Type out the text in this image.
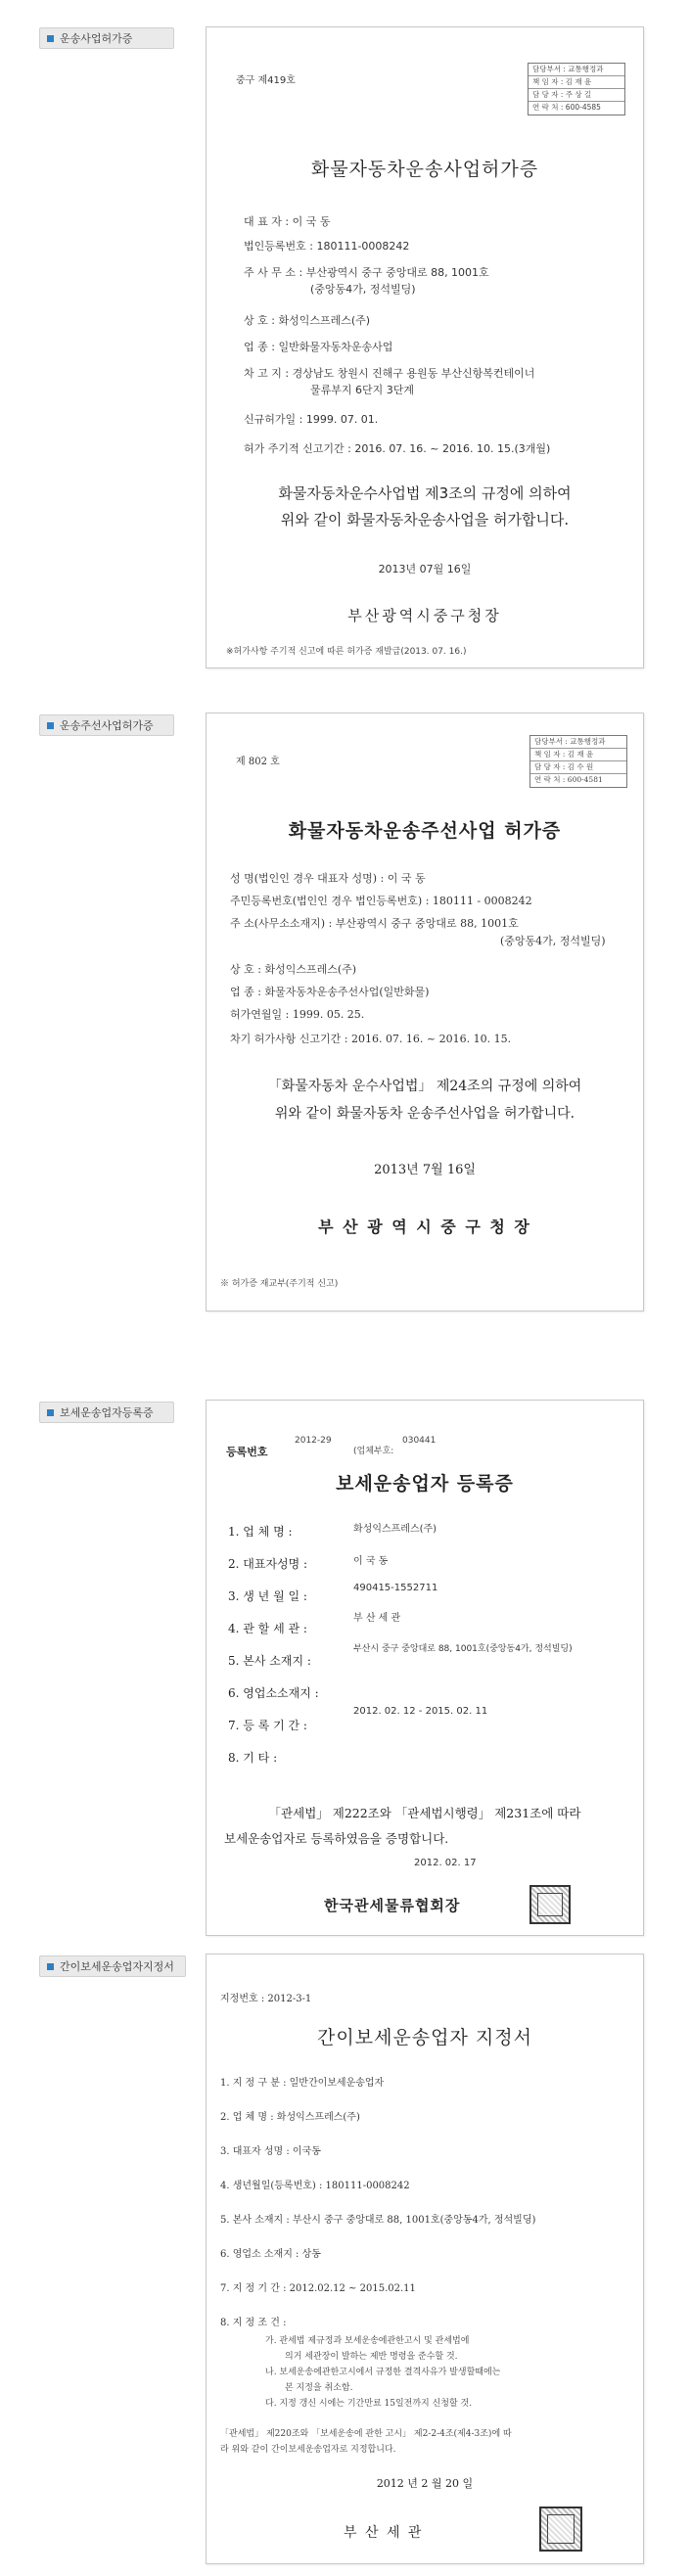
운송사업허가증
중구 제419호
담당부서 : 교통행정과
책 임 자 : 김 재 윤
담 당 자 : 주 상 길
연 락 처 : 600-4585
화물자동차운송사업허가증
대 표 자 : 이 국 동
법인등록번호 : 180111-0008242
주 사 무 소 : 부산광역시 중구 중앙대로 88, 1001호
(중앙동4가, 정석빌딩)
상 호 : 화성익스프레스(주)
업 종 : 일반화물자동차운송사업
차 고 지 : 경상남도 창원시 진해구 용원동 부산신항복컨테이너
물류부지 6단지 3단계
신규허가일 : 1999. 07. 01.
허가 주기적 신고기간 : 2016. 07. 16. ~ 2016. 10. 15.(3개월)
화물자동차운수사업법 제3조의 규정에 의하여
위와 같이 화물자동차운송사업을 허가합니다.
2013년 07월 16일
부산광역시중구청장
※허가사항 주기적 신고에 따른 허가증 재발급(2013. 07. 16.)
운송주선사업허가증
제 802 호
담당부서 : 교통행정과
책 임 자 : 김 재 윤
담 당 자 : 김 수 원
연 락 처 : 600-4581
화물자동차운송주선사업 허가증
성 명(법인인 경우 대표자 성명) : 이 국 동
주민등록번호(법인인 경우 법인등록번호) : 180111 - 0008242
주 소(사무소소재지) : 부산광역시 중구 중앙대로 88, 1001호
(중앙동4가, 정석빌딩)
상 호 : 화성익스프레스(주)
업 종 : 화물자동차운송주선사업(일반화물)
허가연월일 : 1999. 05. 25.
차기 허가사항 신고기간 : 2016. 07. 16. ~ 2016. 10. 15.
「화물자동차 운수사업법」 제24조의 규정에 의하여
위와 같이 화물자동차 운송주선사업을 허가합니다.
2013년 7월 16일
부 산 광 역 시 중 구 청 장
※ 허가증 재교부(주기적 신고)
보세운송업자등록증
등록번호
2012-29
(업체부호:
030441
보세운송업자 등록증
1. 업 체 명 :	화성익스프레스(주)
2. 대표자성명 :	이 국 동
3. 생 년 월 일 :
490415-1552711
4. 관 할 세 관 :
부 산 세 관
5. 본사 소재지 :
부산시 중구 중앙대로 88, 1001호(중앙동4가, 정석빌딩)
6. 영업소소재지 :
7. 등 록 기 간 :
2012. 02. 12 - 2015. 02. 11
8. 기 타 :
「관세법」 제222조와 「관세법시행령」 제231조에 따라
보세운송업자로 등록하였음을 증명합니다.
2012. 02. 17
한국관세물류협회장
간이보세운송업자지정서
지정번호 : 2012-3-1
간이보세운송업자 지정서
1. 지 정 구 분 : 일반간이보세운송업자
2. 업 체 명 : 화성익스프레스(주)
3. 대표자 성명 : 이국동
4. 생년월일(등록번호) : 180111-0008242
5. 본사 소재지 : 부산시 중구 중앙대로 88, 1001호(중앙동4가, 정석빌딩)
6. 영업소 소재지 : 상동
7. 지 정 기 간 : 2012.02.12 ~ 2015.02.11
8. 지 정 조 건 :
가. 관세법 제규정과 보세운송에관한고시 및 관세법에
의거 세관장이 발하는 제반 명령을 준수할 것.
나. 보세운송에관한고시에서 규정한 결격사유가 발생할때에는
본 지정을 취소함.
다. 지정 갱신 시에는 기간만료 15일전까지 신청할 것.
「관세법」 제220조와 「보세운송에 관한 고시」 제2-2-4조(제4-3조)에 따
라 위와 같이 간이보세운송업자로 지정합니다.
2012 년 2 월 20 일
부 산 세 관
